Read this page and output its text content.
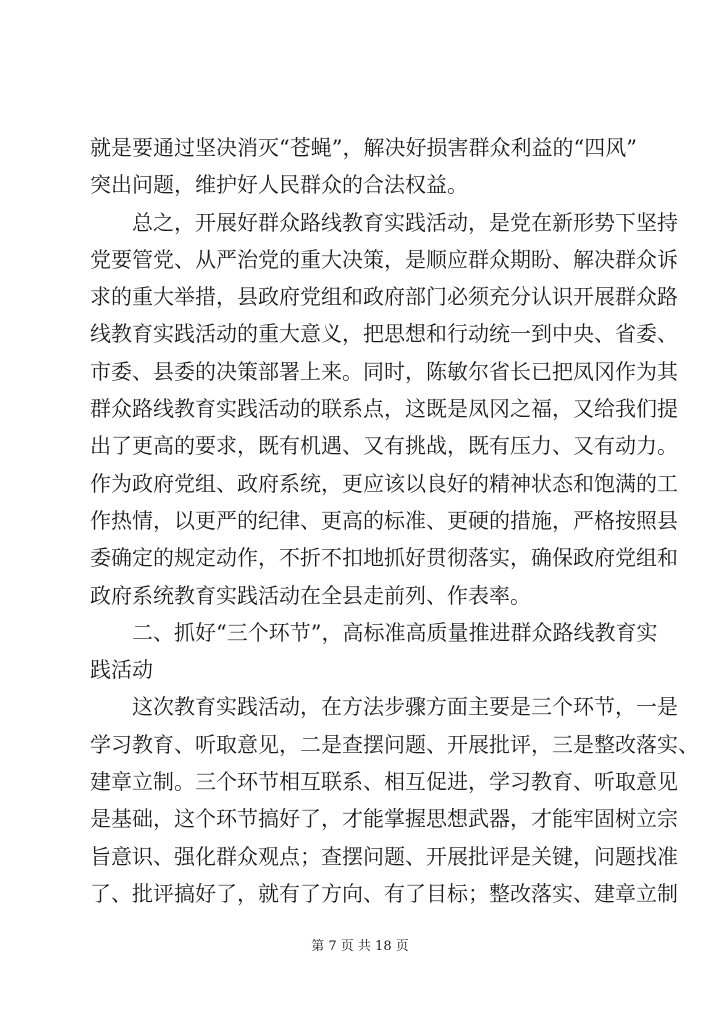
就是要通过坚决消灭“苍蝇”，解决好损害群众利益的“四风”
突出问题，维护好人民群众的合法权益。
总之，开展好群众路线教育实践活动，是党在新形势下坚持
党要管党、从严治党的重大决策，是顺应群众期盼、解决群众诉
求的重大举措，县政府党组和政府部门必须充分认识开展群众路
线教育实践活动的重大意义，把思想和行动统一到中央、省委、
市委、县委的决策部署上来。同时，陈敏尔省长已把凤冈作为其
群众路线教育实践活动的联系点，这既是凤冈之福，又给我们提
出了更高的要求，既有机遇、又有挑战，既有压力、又有动力。
作为政府党组、政府系统，更应该以良好的精神状态和饱满的工
作热情，以更严的纪律、更高的标准、更硬的措施，严格按照县
委确定的规定动作，不折不扣地抓好贯彻落实，确保政府党组和
政府系统教育实践活动在全县走前列、作表率。
二、抓好“三个环节”，高标准高质量推进群众路线教育实
践活动
这次教育实践活动，在方法步骤方面主要是三个环节，一是
学习教育、听取意见，二是查摆问题、开展批评，三是整改落实、
建章立制。三个环节相互联系、相互促进，学习教育、听取意见
是基础，这个环节搞好了，才能掌握思想武器，才能牢固树立宗
旨意识、强化群众观点；查摆问题、开展批评是关键，问题找准
了、批评搞好了，就有了方向、有了目标；整改落实、建章立制
第 7 页 共 18 页
